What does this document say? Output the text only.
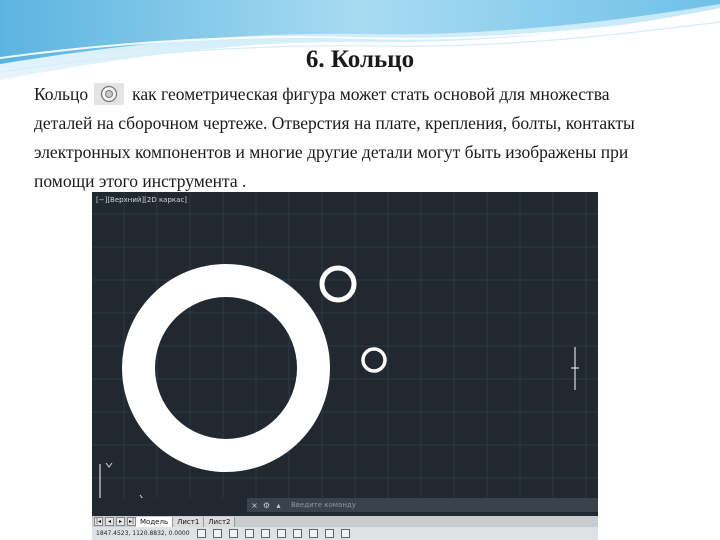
6. Кольцо
Кольцо	как геометрическая фигура может стать основой для множества
деталей на сборочном чертеже. Отверстия на плате, крепления, болты, контакты
электронных компонентов и многие другие детали могут быть изображены при
помощи этого инструмента .
[−][Верхний][2D каркас]
× ⚙ ▴	Введите команду
|◂	◂	▸	▸| Модель	Лист1	Лист2
1847.4523, 1120.8832, 0.0000
